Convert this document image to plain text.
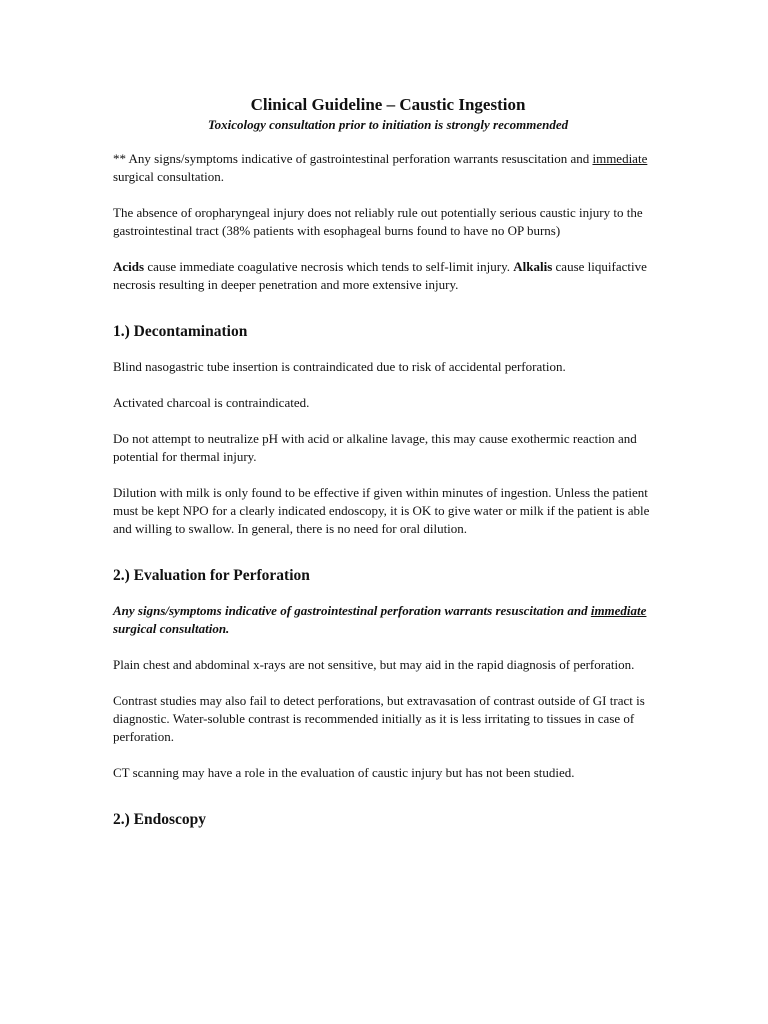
Clinical Guideline – Caustic Ingestion
Toxicology consultation prior to initiation is strongly recommended

** Any signs/symptoms indicative of gastrointestinal perforation warrants resuscitation and immediate surgical consultation.

The absence of oropharyngeal injury does not reliably rule out potentially serious caustic injury to the gastrointestinal tract (38% patients with esophageal burns found to have no OP burns)

Acids cause immediate coagulative necrosis which tends to self-limit injury. Alkalis cause liquifactive necrosis resulting in deeper penetration and more extensive injury.

1.) Decontamination

Blind nasogastric tube insertion is contraindicated due to risk of accidental perforation.

Activated charcoal is contraindicated.

Do not attempt to neutralize pH with acid or alkaline lavage, this may cause exothermic reaction and potential for thermal injury.

Dilution with milk is only found to be effective if given within minutes of ingestion. Unless the patient must be kept NPO for a clearly indicated endoscopy, it is OK to give water or milk if the patient is able and willing to swallow. In general, there is no need for oral dilution.

2.) Evaluation for Perforation

Any signs/symptoms indicative of gastrointestinal perforation warrants resuscitation and immediate surgical consultation.

Plain chest and abdominal x-rays are not sensitive, but may aid in the rapid diagnosis of perforation.

Contrast studies may also fail to detect perforations, but extravasation of contrast outside of GI tract is diagnostic. Water-soluble contrast is recommended initially as it is less irritating to tissues in case of perforation.

CT scanning may have a role in the evaluation of caustic injury but has not been studied.

2.) Endoscopy
